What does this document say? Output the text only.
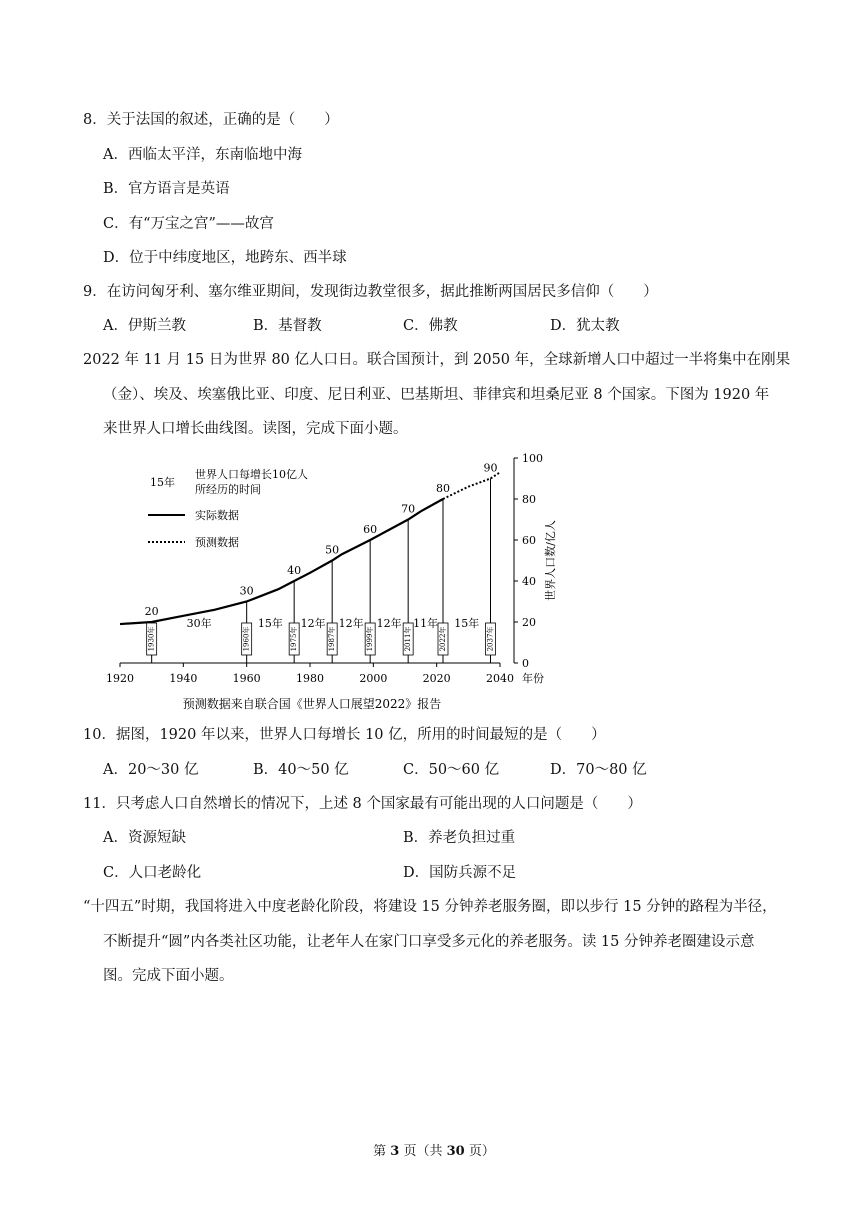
8．关于法国的叙述，正确的是（　　）
A．西临太平洋，东南临地中海
B．官方语言是英语
C．有“万宝之宫”——故宫
D．位于中纬度地区，地跨东、西半球
9．在访问匈牙利、塞尔维亚期间，发现街边教堂很多，据此推断两国居民多信仰（　　）
A．伊斯兰教	B．基督教	C．佛教	D．犹太教
2022 年 11 月 15 日为世界 80 亿人口日。联合国预计，到 2050 年，全球新增人口中超过一半将集中在刚果
（金）、埃及、埃塞俄比亚、印度、尼日利亚、巴基斯坦、菲律宾和坦桑尼亚 8 个国家。下图为 1920 年
来世界人口增长曲线图。读图，完成下面小题。
15年
世界人口每增长10亿人
所经历的时间
实际数据
预测数据
1920	1940	1960	1980	2000	2020	2040 年份
0
20
40
60
80
100
世界人口数/亿人
20
1930年
30
1960年
40
1975年
50
1987年
60
1999年
70
2011年
80
2022年
90
2037年
30年	15年 12年 12年 12年 11年 15年
预测数据来自联合国《世界人口展望2022》报告
10．据图，1920 年以来，世界人口每增长 10 亿，所用的时间最短的是（　　）
A．20～30 亿	B．40～50 亿	C．50～60 亿	D．70～80 亿
11．只考虑人口自然增长的情况下，上述 8 个国家最有可能出现的人口问题是（　　）
A．资源短缺	B．养老负担过重
C．人口老龄化	D．国防兵源不足
“十四五”时期，我国将进入中度老龄化阶段，将建设 15 分钟养老服务圈，即以步行 15 分钟的路程为半径，
不断提升“圆”内各类社区功能，让老年人在家门口享受多元化的养老服务。读 15 分钟养老圈建设示意
图。完成下面小题。
第 3 页（共 30 页）
